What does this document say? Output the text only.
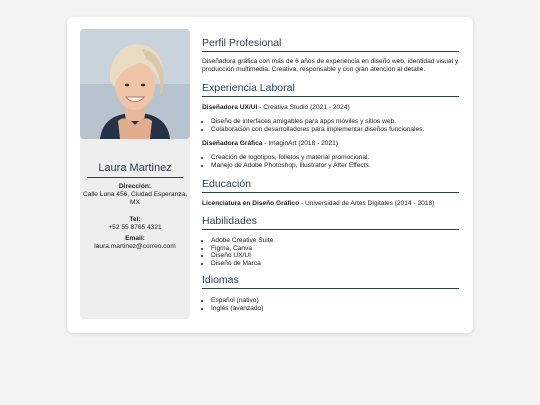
Laura Martinez
Dirección:
Calle Luna 456, Ciudad Esperanza, MX
Tel:
+52 55 8765 4321
Email:
laura.martinez@correo.com
Perfil Profesional
Diseñadora gráfica con más de 6 años de experiencia en diseño web, identidad visual y producción multimedia. Creativa, responsable y con gran atención al detalle.
Experiencia Laboral
Diseñadora UX/UI - Creativa Studio (2021 - 2024)
• Diseño de interfaces amigables para apps móviles y sitios web.
• Colaboración con desarrolladores para implementar diseños funcionales.
Diseñadora Gráfica - ImaginArt (2018 - 2021)
• Creación de logotipos, folletos y material promocional.
• Manejo de Adobe Photoshop, Illustrator y After Effects.
Educación
Licenciatura en Diseño Gráfico - Universidad de Artes Digitales (2014 - 2018)
Habilidades
• Adobe Creative Suite
• Figma, Canva
• Diseño UX/UI
• Diseño de Marca
Idiomas
• Español (nativo)
• Inglés (avanzado)
